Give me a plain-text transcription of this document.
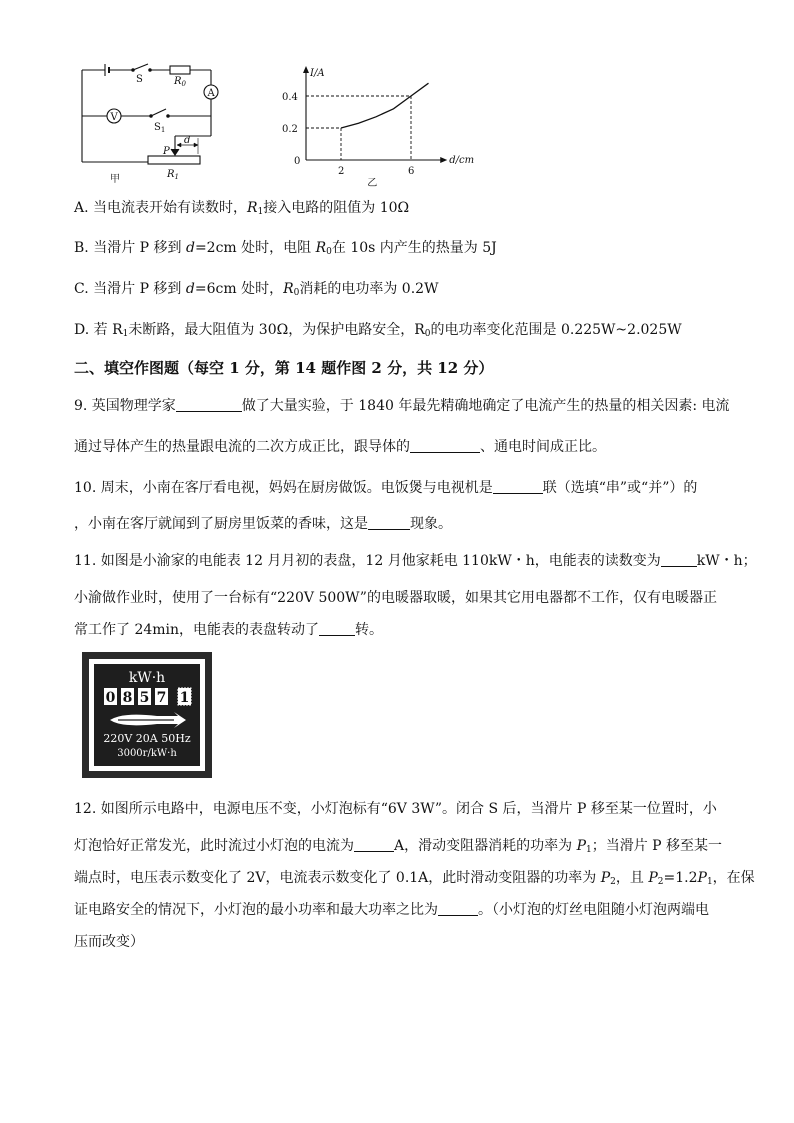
S	$R_0$
A
V
$S_1$
P
d
$R_1$
甲
I/A
d/cm
0
0.2
0.4
2	6
乙
A. 当电流表开始有读数时，$R_1$接入电路的阻值为 10Ω
B. 当滑片 P 移到 d=2cm 处时，电阻 $R_0$在 10s 内产生的热量为 5J
C. 当滑片 P 移到 d=6cm 处时，$R_0$消耗的电功率为 0.2W
D. 若 $R_1$未断路，最大阻值为 30Ω，为保护电路安全，$R_0$的电功率变化范围是 0.225W~2.025W
二、填空作图题（每空 1 分，第 14 题作图 2 分，共 12 分）
9. 英国物理学家	做了大量实验，于 1840 年最先精确地确定了电流产生的热量的相关因素: 电流
通过导体产生的热量跟电流的二次方成正比，跟导体的	、通电时间成正比。
10. 周末，小南在客厅看电视，妈妈在厨房做饭。电饭煲与电视机是	联（选填“串”或“并”）的
，小南在客厅就闻到了厨房里饭菜的香味，这是	现象。
11. 如图是小渝家的电能表 12 月月初的表盘，12 月他家耗电 110kW・h，电能表的读数变为	kW・h；
小渝做作业时，使用了一台标有“220V 500W”的电暖器取暖，如果其它用电器都不工作，仅有电暖器正
常工作了 24min，电能表的表盘转动了	转。
kW·h
0 8 5 7 1
220V 20A 50Hz
3000r/kW·h
12. 如图所示电路中，电源电压不变，小灯泡标有“6V 3W”。闭合 S 后，当滑片 P 移至某一位置时，小
灯泡恰好正常发光，此时流过小灯泡的电流为	A，滑动变阻器消耗的功率为 $P_1$；当滑片 P 移至某一
端点时，电压表示数变化了 2V，电流表示数变化了 0.1A，此时滑动变阻器的功率为 $P_2$，且 $P_2=1.2P_1$，在保
证电路安全的情况下，小灯泡的最小功率和最大功率之比为	。（小灯泡的灯丝电阻随小灯泡两端电
压而改变）
